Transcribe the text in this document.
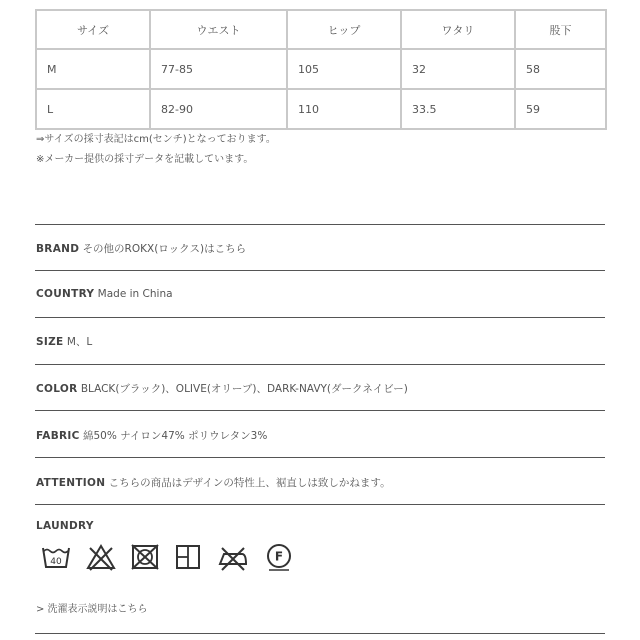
サイズ	ウエスト	ヒップ	ワタリ	股下
M	77-85	105	32	58
L	82-90	110	33.5	59
⇒サイズの採寸表記はcm(センチ)となっております。
※メーカー提供の採寸データを記載しています。
BRAND その他のROKX(ロックス)はこちら
COUNTRY Made in China
SIZE M、L
COLOR BLACK(ブラック)、OLIVE(オリーブ)、DARK-NAVY(ダークネイビー)
FABRIC 綿50% ナイロン47% ポリウレタン3%
ATTENTION こちらの商品はデザインの特性上、裾直しは致しかねます。
LAUNDRY
40	F
> 洗濯表示説明はこちら
